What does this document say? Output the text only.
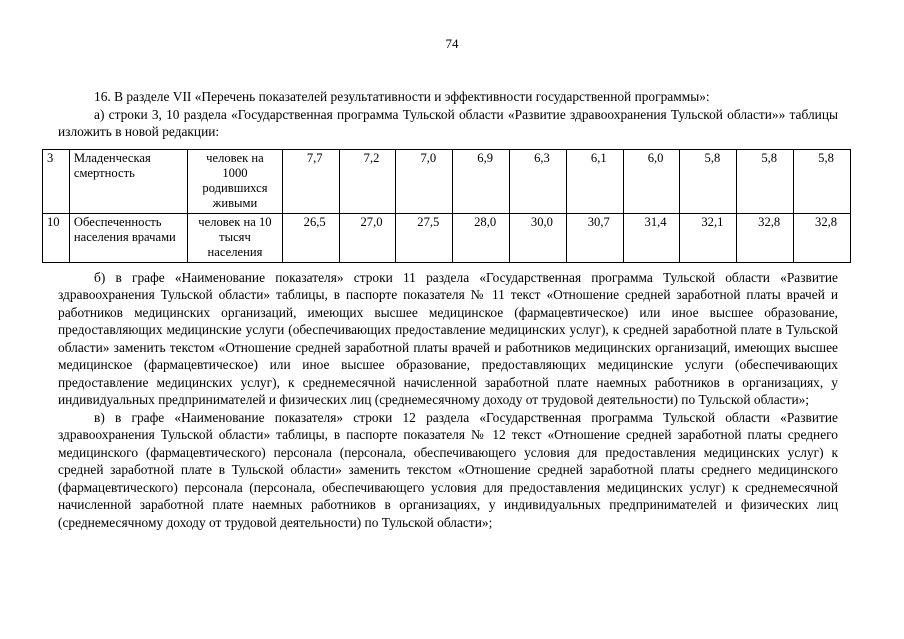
74

16. В разделе VII «Перечень показателей результативности и эффективности государственной программы»:

а) строки 3, 10 раздела «Государственная программа Тульской области «Развитие здравоохранения Тульской области»» таблицы изложить в новой редакции:

3	Младенческая смертность	человек на 1000 родившихся живыми	7,7	7,2	7,0	6,9	6,3	6,1	6,0	5,8	5,8	5,8
10	Обеспеченность населения врачами	человек на 10 тысяч населения	26,5	27,0	27,5	28,0	30,0	30,7	31,4	32,1	32,8	32,8

б) в графе «Наименование показателя» строки 11 раздела «Государственная программа Тульской области «Развитие здравоохранения Тульской области» таблицы, в паспорте показателя № 11 текст «Отношение средней заработной платы врачей и работников медицинских организаций, имеющих высшее медицинское (фармацевтическое) или иное высшее образование, предоставляющих медицинские услуги (обеспечивающих предоставление медицинских услуг), к средней заработной плате в Тульской области» заменить текстом «Отношение средней заработной платы врачей и работников медицинских организаций, имеющих высшее медицинское (фармацевтическое) или иное высшее образование, предоставляющих медицинские услуги (обеспечивающих предоставление медицинских услуг), к среднемесячной начисленной заработной плате наемных работников в организациях, у индивидуальных предпринимателей и физических лиц (среднемесячному доходу от трудовой деятельности) по Тульской области»;

в) в графе «Наименование показателя» строки 12 раздела «Государственная программа Тульской области «Развитие здравоохранения Тульской области» таблицы, в паспорте показателя № 12 текст «Отношение средней заработной платы среднего медицинского (фармацевтического) персонала (персонала, обеспечивающего условия для предоставления медицинских услуг) к средней заработной плате в Тульской области» заменить текстом «Отношение средней заработной платы среднего медицинского (фармацевтического) персонала (персонала, обеспечивающего условия для предоставления медицинских услуг) к среднемесячной начисленной заработной плате наемных работников в организациях, у индивидуальных предпринимателей и физических лиц (среднемесячному доходу от трудовой деятельности) по Тульской области»;
